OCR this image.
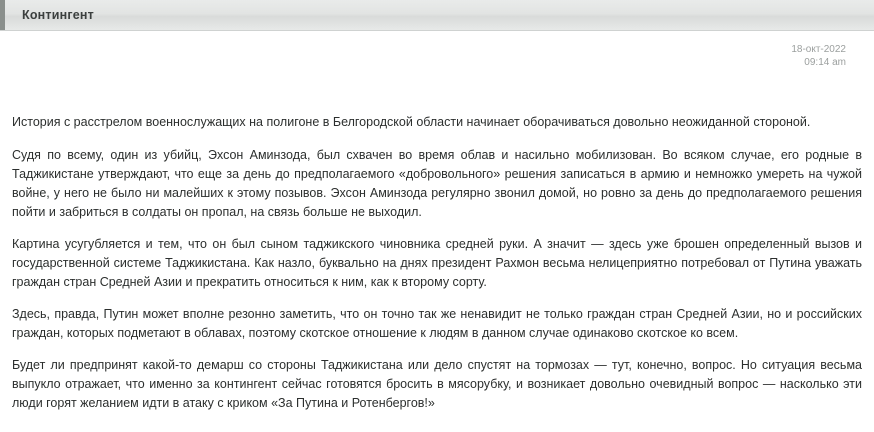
Контингент
18-окт-2022
09:14 am

История с расстрелом военнослужащих на полигоне в Белгородской области начинает оборачиваться довольно неожиданной стороной.

Судя по всему, один из убийц, Эхсон Аминзода, был схвачен во время облав и насильно мобилизован. Во всяком случае, его родные в Таджикистане утверждают, что еще за день до предполагаемого «добровольного» решения записаться в армию и немножко умереть на чужой войне, у него не было ни малейших к этому позывов. Эхсон Аминзода регулярно звонил домой, но ровно за день до предполагаемого решения пойти и забриться в солдаты он пропал, на связь больше не выходил.

Картина усугубляется и тем, что он был сыном таджикского чиновника средней руки. А значит — здесь уже брошен определенный вызов и государственной системе Таджикистана. Как назло, буквально на днях президент Рахмон весьма нелицеприятно потребовал от Путина уважать граждан стран Средней Азии и прекратить относиться к ним, как к второму сорту.

Здесь, правда, Путин может вполне резонно заметить, что он точно так же ненавидит не только граждан стран Средней Азии, но и российских граждан, которых подметают в облавах, поэтому скотское отношение к людям в данном случае одинаково скотское ко всем.

Будет ли предпринят какой-то демарш со стороны Таджикистана или дело спустят на тормозах — тут, конечно, вопрос. Но ситуация весьма выпукло отражает, что именно за контингент сейчас готовятся бросить в мясорубку, и возникает довольно очевидный вопрос — насколько эти люди горят желанием идти в атаку с криком «За Путина и Ротенбергов!»
